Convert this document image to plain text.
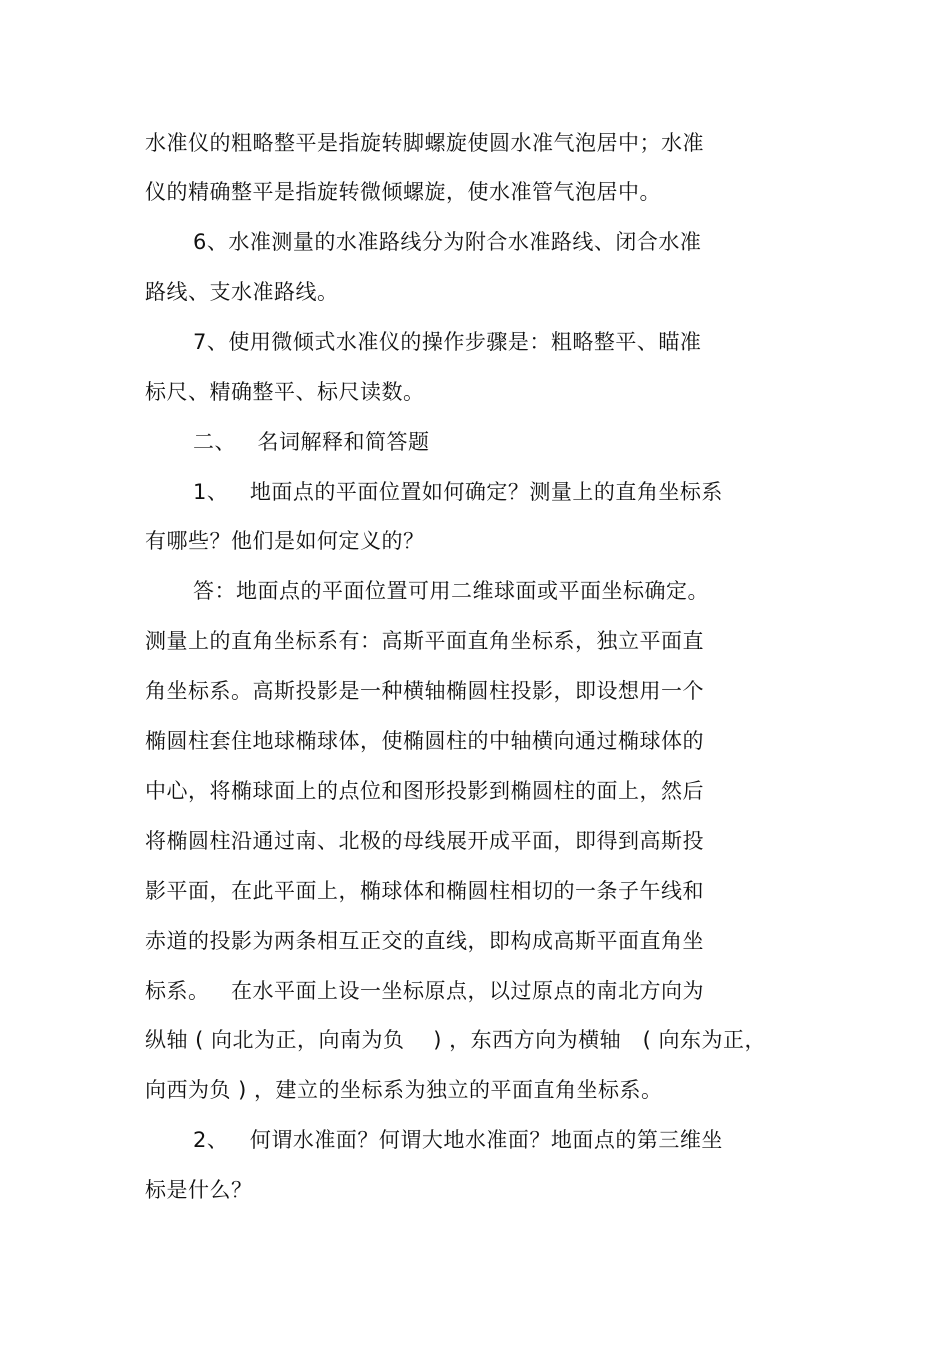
水准仪的粗略整平是指旋转脚螺旋使圆水准气泡居中；水准
仪的精确整平是指旋转微倾螺旋，使水准管气泡居中。
6、水准测量的水准路线分为附合水准路线、闭合水准
路线、支水准路线。
7、使用微倾式水准仪的操作步骤是：粗略整平、瞄准
标尺、精确整平、标尺读数。
二、   名词解释和简答题
1、   地面点的平面位置如何确定？测量上的直角坐标系
有哪些？他们是如何定义的？
答：地面点的平面位置可用二维球面或平面坐标确定。
测量上的直角坐标系有：高斯平面直角坐标系，独立平面直
角坐标系。高斯投影是一种横轴椭圆柱投影，即设想用一个
椭圆柱套住地球椭球体，使椭圆柱的中轴横向通过椭球体的
中心，将椭球面上的点位和图形投影到椭圆柱的面上，然后
将椭圆柱沿通过南、北极的母线展开成平面，即得到高斯投
影平面，在此平面上，椭球体和椭圆柱相切的一条子午线和
赤道的投影为两条相互正交的直线，即构成高斯平面直角坐
标系。   在水平面上设一坐标原点，以过原点的南北方向为
纵轴 ( 向北为正，向南为负    ) ，东西方向为横轴   ( 向东为正，
向西为负 ) ，建立的坐标系为独立的平面直角坐标系。
2、   何谓水准面？何谓大地水准面？地面点的第三维坐
标是什么？
